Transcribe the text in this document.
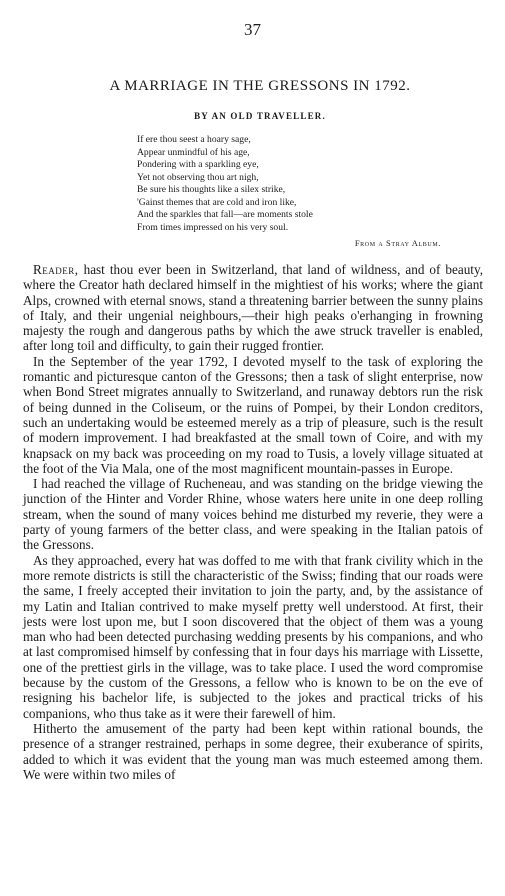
37
A MARRIAGE IN THE GRESSONS IN 1792.
BY AN OLD TRAVELLER.
If ere thou seest a hoary sage,
Appear unmindful of his age,
Pondering with a sparkling eye,
Yet not observing thou art nigh,
Be sure his thoughts like a silex strike,
'Gainst themes that are cold and iron like,
And the sparkles that fall—are moments stole
From times impressed on his very soul.
From a Stray Album.

Reader, hast thou ever been in Switzerland, that land of wildness, and of beauty, where the Creator hath declared himself in the mightiest of his works; where the giant Alps, crowned with eternal snows, stand a threatening barrier between the sunny plains of Italy, and their ungenial neighbours,—their high peaks o'erhanging in frowning majesty the rough and dangerous paths by which the awe struck traveller is enabled, after long toil and difficulty, to gain their rugged frontier.

In the September of the year 1792, I devoted myself to the task of exploring the romantic and picturesque canton of the Gressons; then a task of slight enterprise, now when Bond Street migrates annually to Switzerland, and runaway debtors run the risk of being dunned in the Coliseum, or the ruins of Pompei, by their London creditors, such an undertaking would be esteemed merely as a trip of pleasure, such is the result of modern improvement. I had breakfasted at the small town of Coire, and with my knapsack on my back was proceeding on my road to Tusis, a lovely village situated at the foot of the Via Mala, one of the most magnificent mountain-passes in Europe.

I had reached the village of Rucheneau, and was standing on the bridge viewing the junction of the Hinter and Vorder Rhine, whose waters here unite in one deep rolling stream, when the sound of many voices behind me disturbed my reverie, they were a party of young farmers of the better class, and were speaking in the Italian patois of the Gressons.

As they approached, every hat was doffed to me with that frank civility which in the more remote districts is still the characteristic of the Swiss; finding that our roads were the same, I freely accepted their invitation to join the party, and, by the assistance of my Latin and Italian contrived to make myself pretty well understood. At first, their jests were lost upon me, but I soon discovered that the object of them was a young man who had been detected purchasing wedding presents by his companions, and who at last compromised himself by confessing that in four days his marriage with Lissette, one of the prettiest girls in the village, was to take place. I used the word compromise because by the custom of the Gressons, a fellow who is known to be on the eve of resigning his bachelor life, is subjected to the jokes and practical tricks of his companions, who thus take as it were their farewell of him.

Hitherto the amusement of the party had been kept within rational bounds, the presence of a stranger restrained, perhaps in some degree, their exuberance of spirits, added to which it was evident that the young man was much esteemed among them. We were within two miles of
